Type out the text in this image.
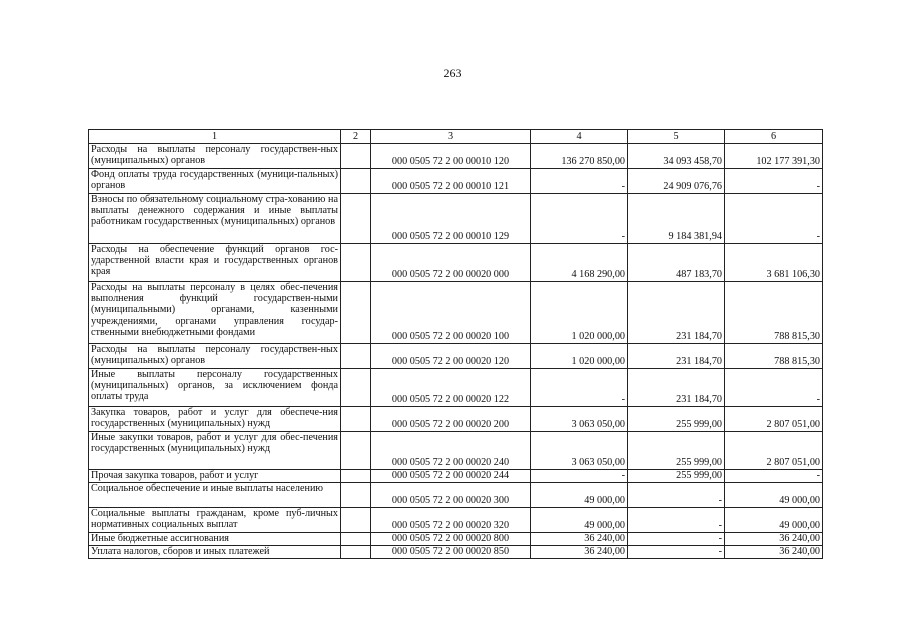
263
1	2	3	4	5	6
Расходы на выплаты персоналу государствен-ных (муниципальных) органов		000 0505 72 2 00 00010 120	136 270 850,00	34 093 458,70	102 177 391,30
Фонд оплаты труда государственных (муници-пальных) органов		000 0505 72 2 00 00010 121	-	24 909 076,76	-
Взносы по обязательному социальному стра-хованию на выплаты денежного содержания и иные выплаты работникам государственных (муниципальных) органов		000 0505 72 2 00 00010 129	-	9 184 381,94	-
Расходы на обеспечение функций органов гос-ударственной власти края и государственных органов края		000 0505 72 2 00 00020 000	4 168 290,00	487 183,70	3 681 106,30
Расходы на выплаты персоналу в целях обес-печения выполнения функций государствен-ными (муниципальными) органами, казенными учреждениями, органами управления государ-ственными внебюджетными фондами		000 0505 72 2 00 00020 100	1 020 000,00	231 184,70	788 815,30
Расходы на выплаты персоналу государствен-ных (муниципальных) органов		000 0505 72 2 00 00020 120	1 020 000,00	231 184,70	788 815,30
Иные выплаты персоналу государственных (муниципальных) органов, за исключением фонда оплаты труда		000 0505 72 2 00 00020 122	-	231 184,70	-
Закупка товаров, работ и услуг для обеспече-ния государственных (муниципальных) нужд		000 0505 72 2 00 00020 200	3 063 050,00	255 999,00	2 807 051,00
Иные закупки товаров, работ и услуг для обес-печения государственных (муниципальных) нужд		000 0505 72 2 00 00020 240	3 063 050,00	255 999,00	2 807 051,00
Прочая закупка товаров, работ и услуг		000 0505 72 2 00 00020 244	-	255 999,00	-
Социальное обеспечение и иные выплаты населению		000 0505 72 2 00 00020 300	49 000,00	-	49 000,00
Социальные выплаты гражданам, кроме пуб-личных нормативных социальных выплат		000 0505 72 2 00 00020 320	49 000,00	-	49 000,00
Иные бюджетные ассигнования		000 0505 72 2 00 00020 800	36 240,00	-	36 240,00
Уплата налогов, сборов и иных платежей		000 0505 72 2 00 00020 850	36 240,00	-	36 240,00
